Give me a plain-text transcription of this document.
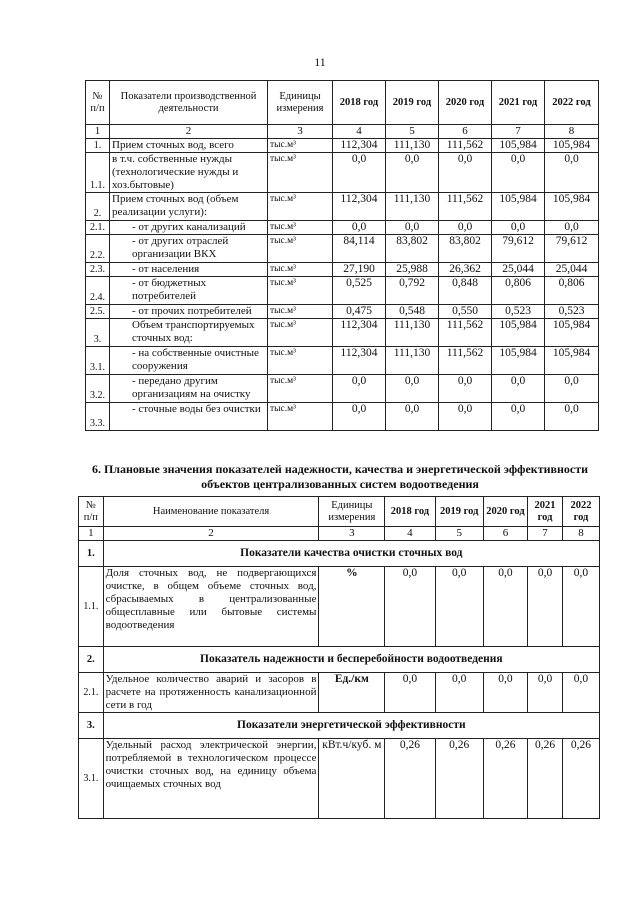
11
№ п/п	Показатели производственной деятельности	Единицы измерения	2018 год	2019 год	2020 год	2021 год	2022 год
1	2	3	4	5	6	7	8
1.	Прием сточных вод, всего	тыс.м³	112,304	111,130	111,562	105,984	105,984
1.1.	в т.ч. собственные нужды (технологические нужды и хоз.бытовые)	тыс.м³	0,0	0,0	0,0	0,0	0,0
2.	Прием сточных вод (объем реализации услуги):	тыс.м³	112,304	111,130	111,562	105,984	105,984
2.1.	- от других канализаций	тыс.м³	0,0	0,0	0,0	0,0	0,0
2.2.	- от других отраслей организации ВКХ	тыс.м³	84,114	83,802	83,802	79,612	79,612
2.3.	- от населения	тыс.м³	27,190	25,988	26,362	25,044	25,044
2.4.	- от бюджетных потребителей	тыс.м³	0,525	0,792	0,848	0,806	0,806
2.5.	- от прочих потребителей	тыс.м³	0,475	0,548	0,550	0,523	0,523
3.	Объем транспортируемых сточных вод:	тыс.м³	112,304	111,130	111,562	105,984	105,984
3.1.	- на собственные очистные сооружения	тыс.м³	112,304	111,130	111,562	105,984	105,984
3.2.	- передано другим организациям на очистку	тыс.м³	0,0	0,0	0,0	0,0	0,0
3.3.	- сточные воды без очистки	тыс.м³	0,0	0,0	0,0	0,0	0,0
6. Плановые значения показателей надежности, качества и энергетической эффективности объектов централизованных систем водоотведения
№ п/п	Наименование показателя	Единицы измерения	2018 год	2019 год	2020 год	2021 год	2022 год
1	2	3	4	5	6	7	8
1.	Показатели качества очистки сточных вод						
1.1.	Доля сточных вод, не подвергающихся очистке, в общем объеме сточных вод, сбрасываемых в централизованные общесплавные или бытовые системы водоотведения	%	0,0	0,0	0,0	0,0	0,0
2.	Показатель надежности и бесперебойности водоотведения						
2.1.	Удельное количество аварий и засоров в расчете на протяженность канализационной сети в год	Ед./км	0,0	0,0	0,0	0,0	0,0
3.	Показатели энергетической эффективности						
3.1.	Удельный расход электрической энергии, потребляемой в технологическом процессе очистки сточных вод, на единицу объема очищаемых сточных вод	кВт.ч/куб. м	0,26	0,26	0,26	0,26	0,26
